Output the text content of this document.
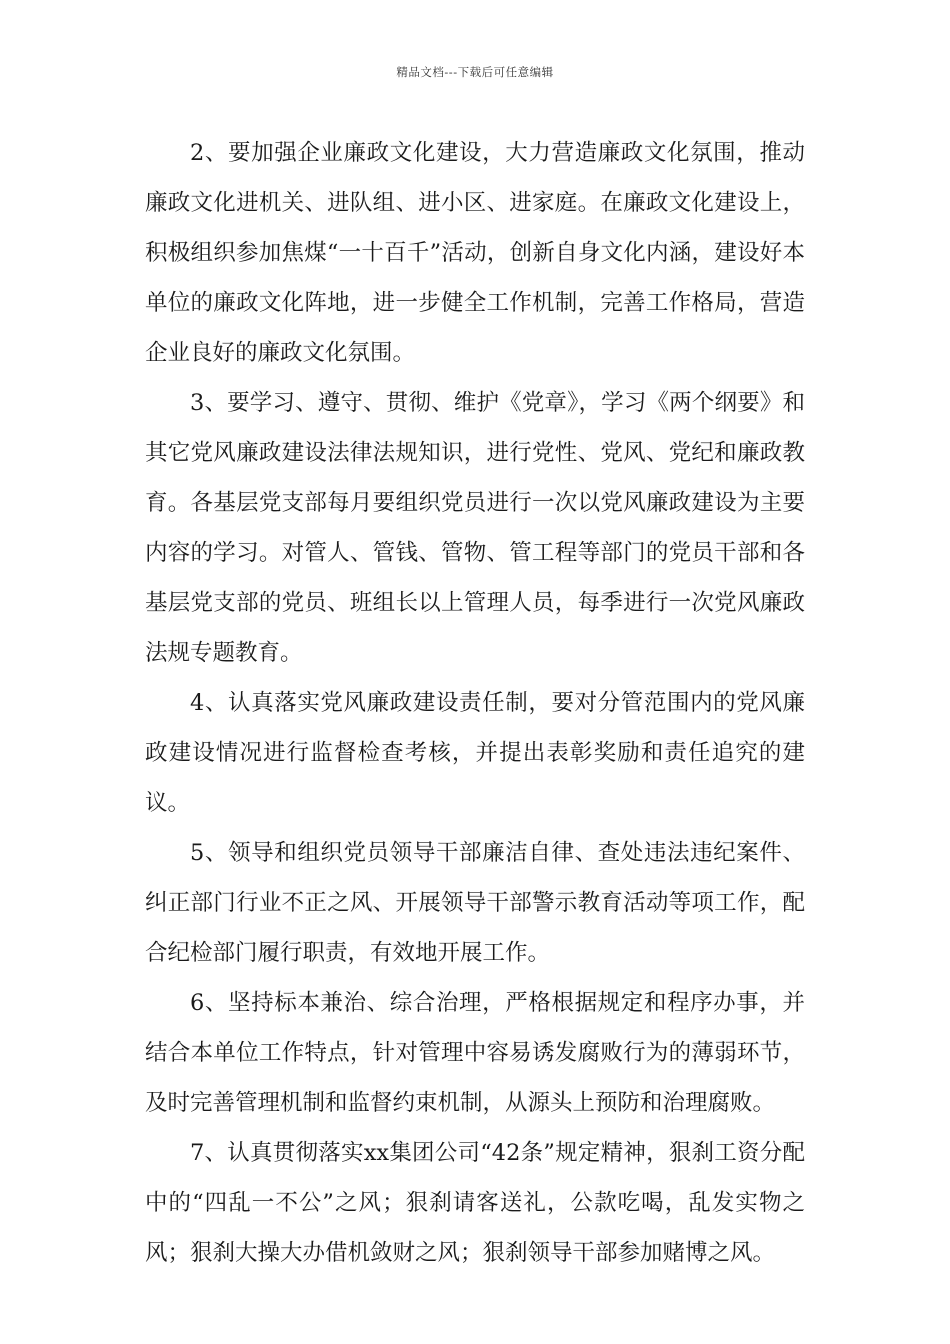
精品文档---下载后可任意编辑

2、要加强企业廉政文化建设，大力营造廉政文化氛围，推动廉政文化进机关、进队组、进小区、进家庭。在廉政文化建设上，积极组织参加焦煤“一十百千”活动，创新自身文化内涵，建设好本单位的廉政文化阵地，进一步健全工作机制，完善工作格局，营造企业良好的廉政文化氛围。

3、要学习、遵守、贯彻、维护《党章》，学习《两个纲要》和其它党风廉政建设法律法规知识，进行党性、党风、党纪和廉政教育。各基层党支部每月要组织党员进行一次以党风廉政建设为主要内容的学习。对管人、管钱、管物、管工程等部门的党员干部和各基层党支部的党员、班组长以上管理人员，每季进行一次党风廉政法规专题教育。

4、认真落实党风廉政建设责任制，要对分管范围内的党风廉政建设情况进行监督检查考核，并提出表彰奖励和责任追究的建议。

5、领导和组织党员领导干部廉洁自律、查处违法违纪案件、纠正部门行业不正之风、开展领导干部警示教育活动等项工作，配合纪检部门履行职责，有效地开展工作。

6、坚持标本兼治、综合治理，严格根据规定和程序办事，并结合本单位工作特点，针对管理中容易诱发腐败行为的薄弱环节，及时完善管理机制和监督约束机制，从源头上预防和治理腐败。

7、认真贯彻落实xx集团公司“42条”规定精神，狠刹工资分配中的“四乱一不公”之风；狠刹请客送礼，公款吃喝，乱发实物之风；狠刹大操大办借机敛财之风；狠刹领导干部参加赌博之风。
